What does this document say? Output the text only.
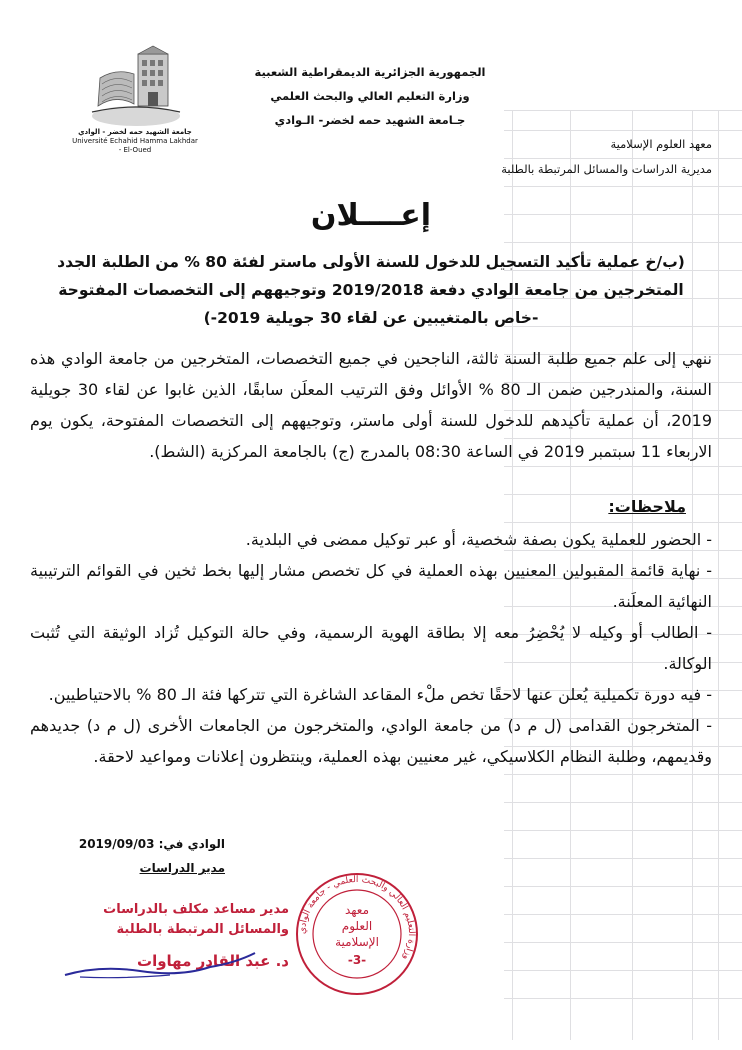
جامعة الشهيد حمه لخضر - الوادي
Université Echahid Hamma Lakhdar - El-Oued
الجمهورية الجزائرية الديمقراطية الشعبية
وزارة التعليم العالي والبحث العلمي
جـامعة الشهيد حمه لخضر- الـوادي
معهد العلوم الإسلامية
مديرية الدراسات والمسائل المرتبطة بالطلبة
إعــــلان
(ب/خ عملية تأكيد التسجيل للدخول للسنة الأولى ماستر لفئة 80 % من الطلبة الجدد المتخرجين من جامعة الوادي دفعة 2019/2018 وتوجيههم إلى التخصصات المفتوحة -خاص بالمتغيبين عن لقاء 30 جويلية 2019-)
ننهي إلى علم جميع طلبة السنة ثالثة، الناجحين في جميع التخصصات، المتخرجين من جامعة الوادي هذه السنة، والمندرجين ضمن الـ 80 % الأوائل وفق الترتيب المعلَن سابقًا، الذين غابوا عن لقاء 30 جويلية 2019، أن عملية تأكيدهم للدخول للسنة أولى ماستر، وتوجيههم إلى التخصصات المفتوحة، يكون يوم الاربعاء 11 سبتمبر 2019 في الساعة 08:30 بالمدرج (ج) بالجامعة المركزية (الشط).
ملاحظات:

- الحضور للعملية يكون بصفة شخصية، أو عبر توكيل ممضى في البلدية.

- نهاية قائمة المقبولين المعنيين بهذه العملية في كل تخصص مشار إليها بخط ثخين في القوائم الترتيبية النهائية المعلَنة.

- الطالب أو وكيله لا يُحْضِرُ معه إلا بطاقة الهوية الرسمية، وفي حالة التوكيل تُزاد الوثيقة التي تُثبت الوكالة.

- فيه دورة تكميلية يُعلن عنها لاحقًا تخص ملْء المقاعد الشاغرة التي تتركها فئة الـ 80 % بالاحتياطيين.

- المتخرجون القدامى (ل م د) من جامعة الوادي، والمتخرجون من الجامعات الأخرى (ل م د) جديدهم وقديمهم، وطلبة النظام الكلاسيكي، غير معنيين بهذه العملية، وينتظرون إعلانات ومواعيد لاحقة.

الوادي في: 2019/09/03
مدير الدراسات
مدير مساعد مكلف بالدراسات
والمسائل المرتبطة بالطلبة
د. عبد القادر مهاوات
وزارة التعليم العالي والبحث العلمي - جامعة الوادي
معهد
العلوم
الإسلامية
-3-
